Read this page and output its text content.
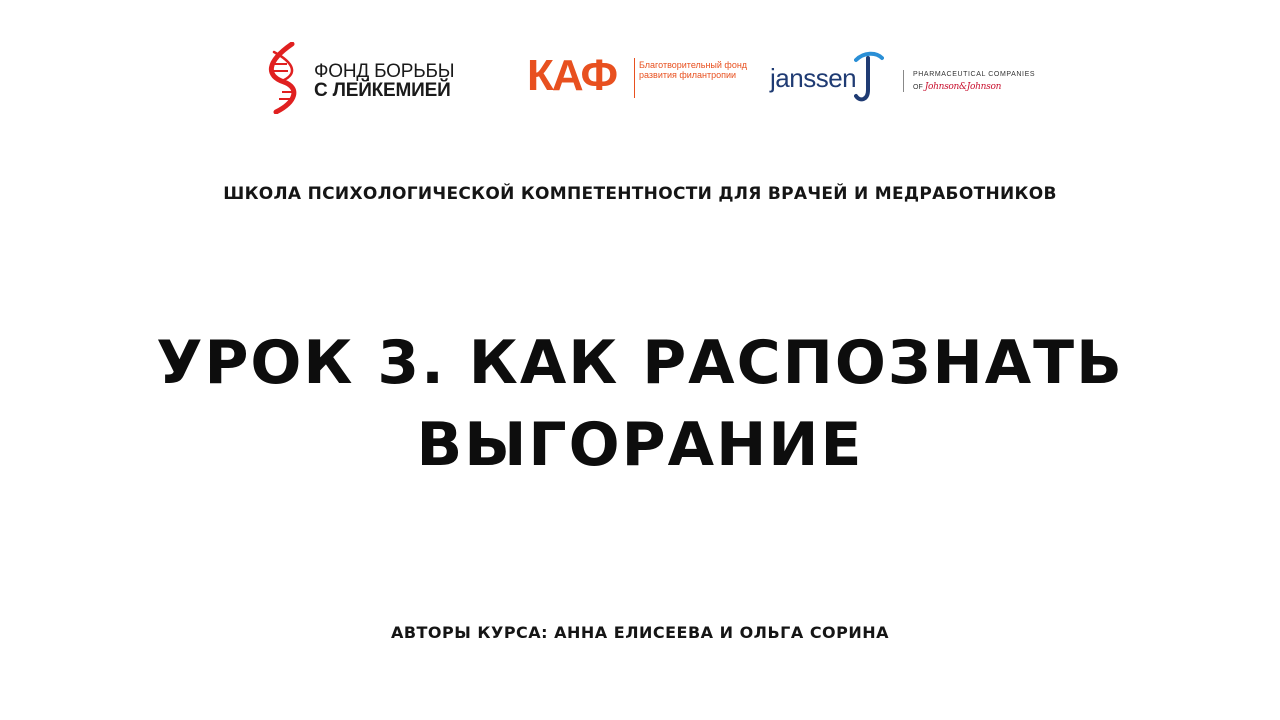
ФОНД БОРЬБЫ
С ЛЕЙКЕМИЕЙ КАФ	Благотворительный фонд
развития филантропии	janssen	PHARMACEUTICAL COMPANIES
OF Johnson&Johnson
ШКОЛА ПСИХОЛОГИЧЕСКОЙ КОМПЕТЕНТНОСТИ ДЛЯ ВРАЧЕЙ И МЕДРАБОТНИКОВ
УРОК 3. КАК РАСПОЗНАТЬ
ВЫГОРАНИЕ
АВТОРЫ КУРСА: АННА ЕЛИСЕЕВА И ОЛЬГА СОРИНА
